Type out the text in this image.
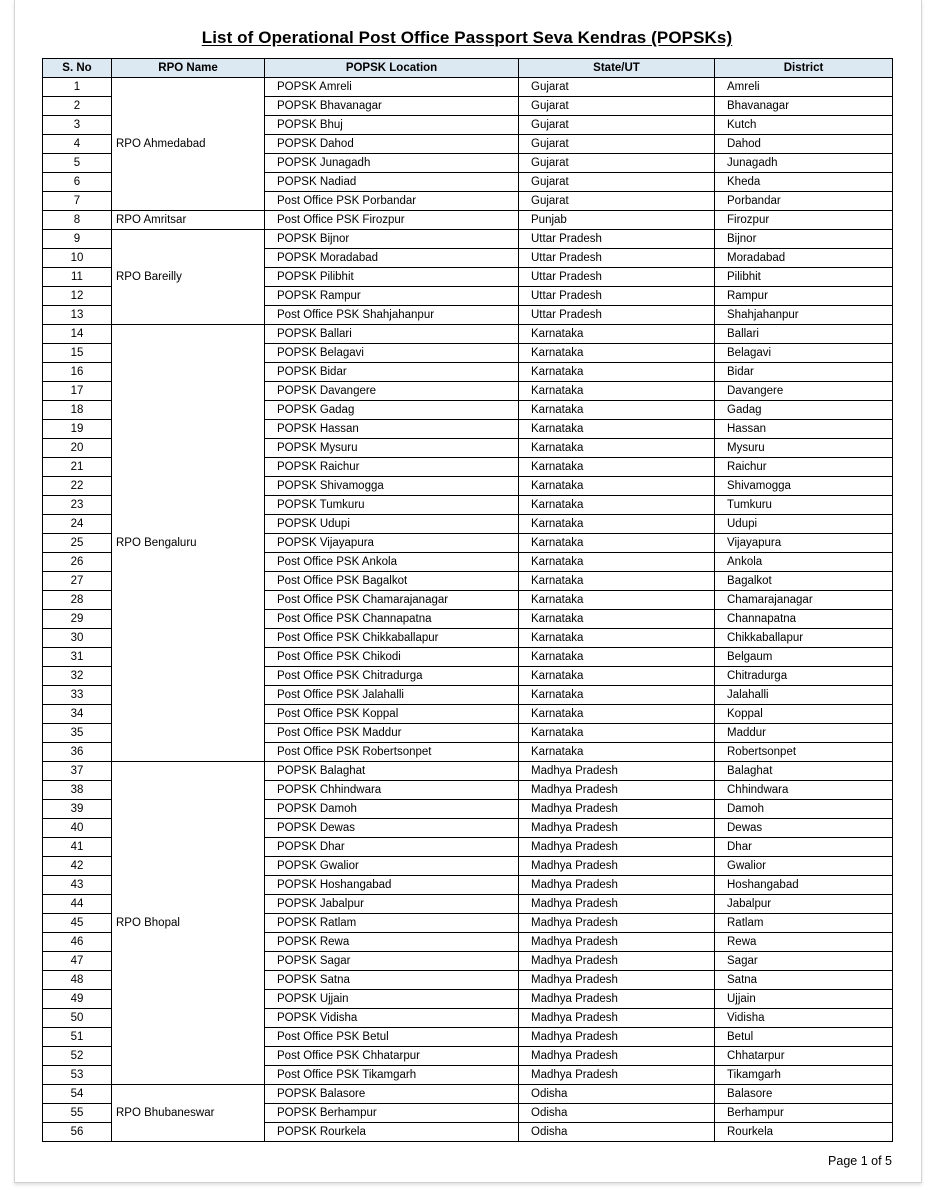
List of Operational Post Office Passport Seva Kendras (POPSKs)
S. No	RPO Name	POPSK Location	State/UT	District
1	RPO Ahmedabad	POPSK Amreli	Gujarat	Amreli
2		POPSK Bhavanagar	Gujarat	Bhavanagar
3		POPSK Bhuj	Gujarat	Kutch
4		POPSK Dahod	Gujarat	Dahod
5		POPSK Junagadh	Gujarat	Junagadh
6		POPSK Nadiad	Gujarat	Kheda
7		Post Office PSK Porbandar	Gujarat	Porbandar
8	RPO Amritsar	Post Office PSK Firozpur	Punjab	Firozpur
9	RPO Bareilly	POPSK Bijnor	Uttar Pradesh	Bijnor
10		POPSK Moradabad	Uttar Pradesh	Moradabad
11		POPSK Pilibhit	Uttar Pradesh	Pilibhit
12		POPSK Rampur	Uttar Pradesh	Rampur
13		Post Office PSK Shahjahanpur	Uttar Pradesh	Shahjahanpur
14	RPO Bengaluru	POPSK Ballari	Karnataka	Ballari
15		POPSK Belagavi	Karnataka	Belagavi
16		POPSK Bidar	Karnataka	Bidar
17		POPSK Davangere	Karnataka	Davangere
18		POPSK Gadag	Karnataka	Gadag
19		POPSK Hassan	Karnataka	Hassan
20		POPSK Mysuru	Karnataka	Mysuru
21		POPSK Raichur	Karnataka	Raichur
22		POPSK Shivamogga	Karnataka	Shivamogga
23		POPSK Tumkuru	Karnataka	Tumkuru
24		POPSK Udupi	Karnataka	Udupi
25		POPSK Vijayapura	Karnataka	Vijayapura
26		Post Office PSK Ankola	Karnataka	Ankola
27		Post Office PSK Bagalkot	Karnataka	Bagalkot
28		Post Office PSK Chamarajanagar	Karnataka	Chamarajanagar
29		Post Office PSK Channapatna	Karnataka	Channapatna
30		Post Office PSK Chikkaballapur	Karnataka	Chikkaballapur
31		Post Office PSK Chikodi	Karnataka	Belgaum
32		Post Office PSK Chitradurga	Karnataka	Chitradurga
33		Post Office PSK Jalahalli	Karnataka	Jalahalli
34		Post Office PSK Koppal	Karnataka	Koppal
35		Post Office PSK Maddur	Karnataka	Maddur
36		Post Office PSK Robertsonpet	Karnataka	Robertsonpet
37	RPO Bhopal	POPSK Balaghat	Madhya Pradesh	Balaghat
38		POPSK Chhindwara	Madhya Pradesh	Chhindwara
39		POPSK Damoh	Madhya Pradesh	Damoh
40		POPSK Dewas	Madhya Pradesh	Dewas
41		POPSK Dhar	Madhya Pradesh	Dhar
42		POPSK Gwalior	Madhya Pradesh	Gwalior
43		POPSK Hoshangabad	Madhya Pradesh	Hoshangabad
44		POPSK Jabalpur	Madhya Pradesh	Jabalpur
45		POPSK Ratlam	Madhya Pradesh	Ratlam
46		POPSK Rewa	Madhya Pradesh	Rewa
47		POPSK Sagar	Madhya Pradesh	Sagar
48		POPSK Satna	Madhya Pradesh	Satna
49		POPSK Ujjain	Madhya Pradesh	Ujjain
50		POPSK Vidisha	Madhya Pradesh	Vidisha
51		Post Office PSK Betul	Madhya Pradesh	Betul
52		Post Office PSK Chhatarpur	Madhya Pradesh	Chhatarpur
53		Post Office PSK Tikamgarh	Madhya Pradesh	Tikamgarh
54	RPO Bhubaneswar	POPSK Balasore	Odisha	Balasore
55		POPSK Berhampur	Odisha	Berhampur
56		POPSK Rourkela	Odisha	Rourkela
Page 1 of 5
